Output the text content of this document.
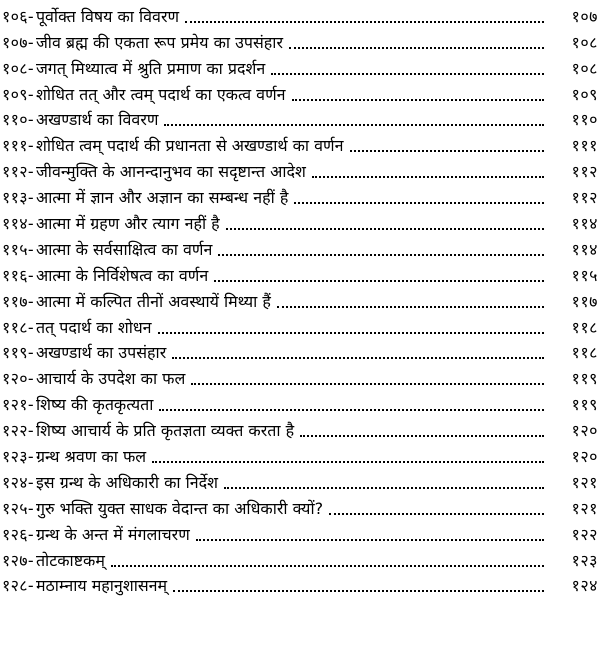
१०६- पूर्वोक्त विषय का विवरण	१०७
१०७- जीव ब्रह्म की एकता रूप प्रमेय का उपसंहार	१०८
१०८- जगत् मिथ्यात्व में श्रुति प्रमाण का प्रदर्शन	१०८
१०९- शोधित तत् और त्वम् पदार्थ का एकत्व वर्णन	१०९
११०- अखण्डार्थ का विवरण	११०
१११- शोधित त्वम् पदार्थ की प्रधानता से अखण्डार्थ का वर्णन	१११
११२- जीवन्मुक्ति के आनन्दानुभव का सदृष्टान्त आदेश	११२
११३- आत्मा में ज्ञान और अज्ञान का सम्बन्ध नहीं है	११२
११४- आत्मा में ग्रहण और त्याग नहीं है	११४
११५- आत्मा के सर्वसाक्षित्व का वर्णन	११४
११६- आत्मा के निर्विशेषत्व का वर्णन	११५
११७- आत्मा में कल्पित तीनों अवस्थायें मिथ्या हैं	११७
११८- तत् पदार्थ का शोधन	११८
११९- अखण्डार्थ का उपसंहार	११८
१२०- आचार्य के उपदेश का फल	११९
१२१- शिष्य की कृतकृत्यता	११९
१२२- शिष्य आचार्य के प्रति कृतज्ञता व्यक्त करता है	१२०
१२३- ग्रन्थ श्रवण का फल	१२०
१२४- इस ग्रन्थ के अधिकारी का निर्देश	१२१
१२५- गुरु भक्ति युक्त साधक वेदान्त का अधिकारी क्यों?	१२१
१२६- ग्रन्थ के अन्त में मंगलाचरण	१२२
१२७- तोटकाष्टकम्	१२३
१२८- मठाम्नाय महानुशासनम्	१२४
